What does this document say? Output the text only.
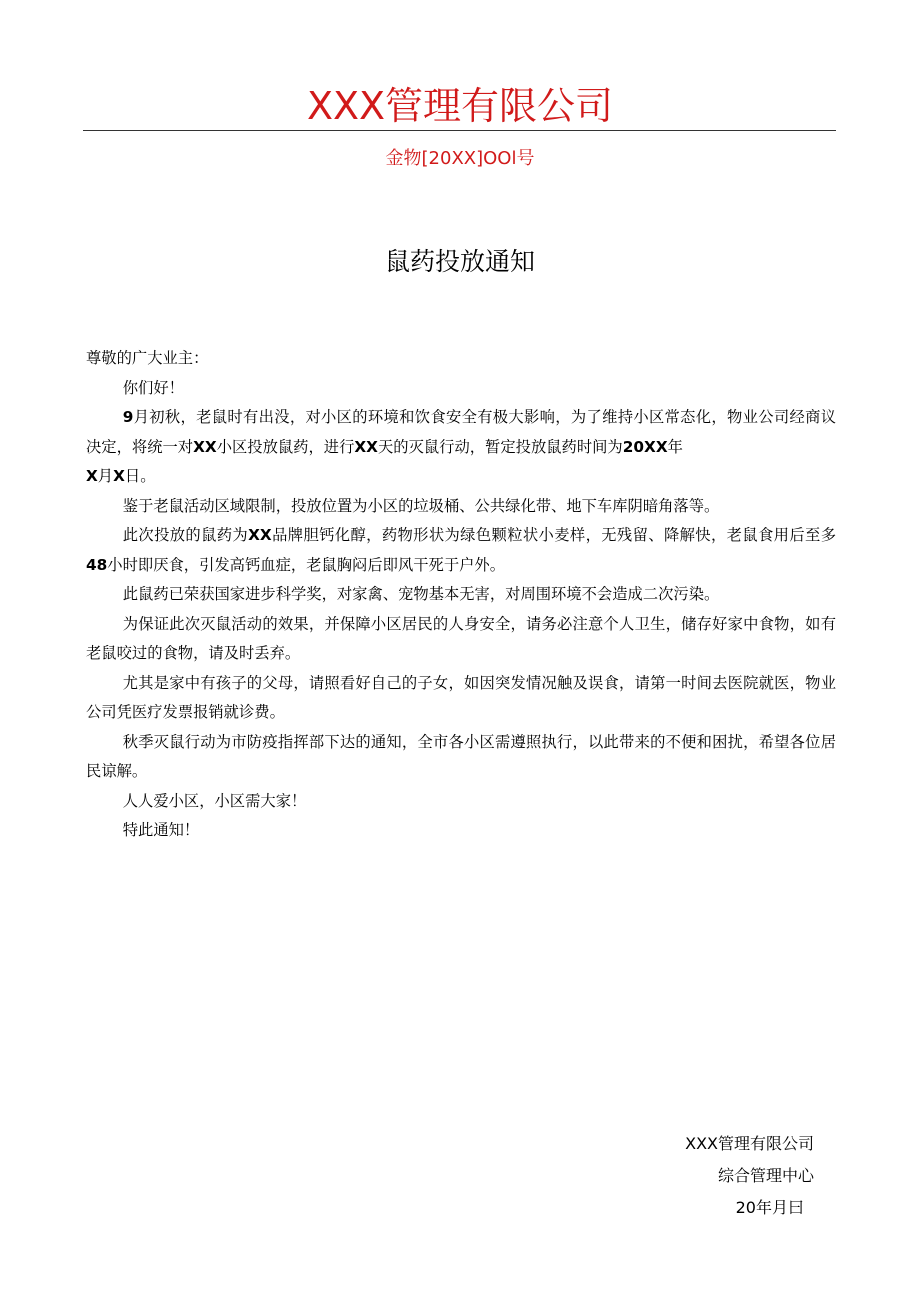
XXX管理有限公司
金物[20XX]OOl号
鼠药投放通知

尊敬的广大业主：

你们好！

9月初秋，老鼠时有出没，对小区的环境和饮食安全有极大影响，为了维持小区常态化，物业公司经商议决定，将统一对XX小区投放鼠药，进行XX天的灭鼠行动，暂定投放鼠药时间为20XX年
X月X日。

鉴于老鼠活动区域限制，投放位置为小区的垃圾桶、公共绿化带、地下车库阴暗角落等。

此次投放的鼠药为XX品牌胆钙化醇，药物形状为绿色颗粒状小麦样，无残留、降解快，老鼠食用后至多48小时即厌食，引发高钙血症，老鼠胸闷后即风干死于户外。

此鼠药已荣获国家进步科学奖，对家禽、宠物基本无害，对周围环境不会造成二次污染。

为保证此次灭鼠活动的效果，并保障小区居民的人身安全，请务必注意个人卫生，储存好家中食物，如有老鼠咬过的食物，请及时丢弃。

尤其是家中有孩子的父母，请照看好自己的子女，如因突发情况触及误食，请第一时间去医院就医，物业公司凭医疗发票报销就诊费。

秋季灭鼠行动为市防疫指挥部下达的通知，全市各小区需遵照执行，以此带来的不便和困扰，希望各位居民谅解。

人人爱小区，小区需大家！

特此通知！

XXX管理有限公司
综合管理中心
20年月曰
